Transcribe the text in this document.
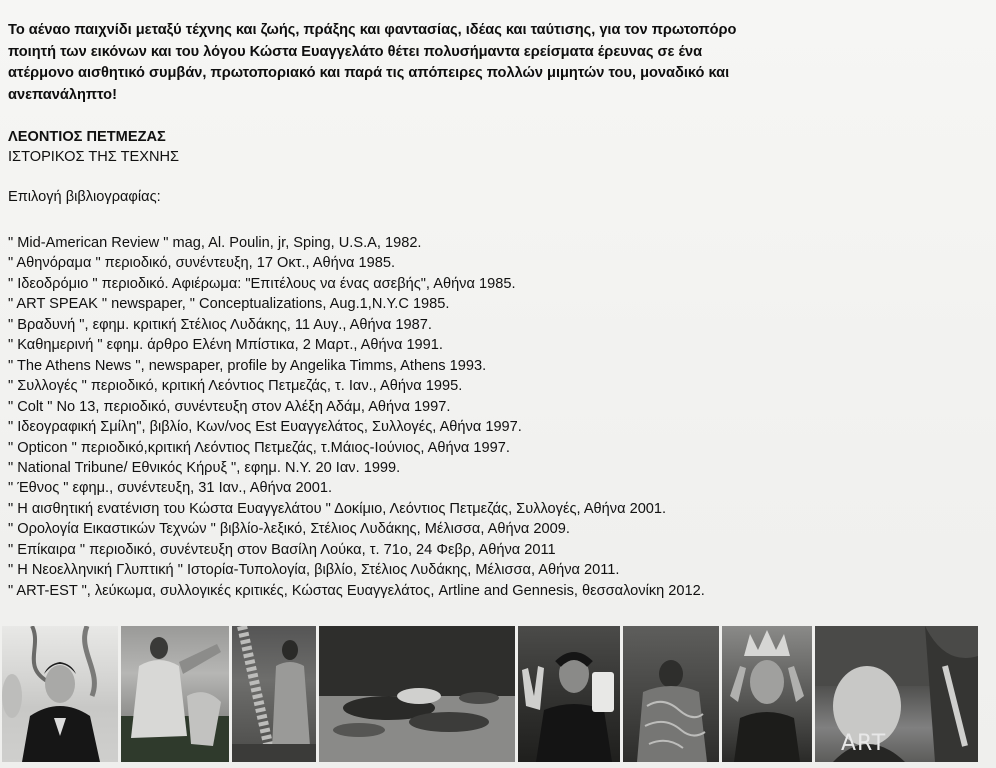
Το αέναο παιχνίδι μεταξύ τέχνης και ζωής, πράξης και φαντασίας, ιδέας και ταύτισης, για τον πρωτοπόρο
ποιητή των εικόνων και του λόγου Κώστα Ευαγγελάτο θέτει πολυσήμαντα ερείσματα έρευνας σε ένα
ατέρμονο αισθητικό συμβάν, πρωτοποριακό και παρά τις απόπειρες πολλών μιμητών του, μοναδικό και
ανεπανάληπτο!
ΛΕΟΝΤΙΟΣ ΠΕΤΜΕΖΑΣ
ΙΣΤΟΡΙΚΟΣ ΤΗΣ ΤΕΧΝΗΣ
Επιλογή βιβλιογραφίας:
" Mid-American Review " mag, Al. Poulin, jr, Sping, U.S.A, 1982.
" Αθηνόραμα " περιοδικό, συνέντευξη, 17 Οκτ., Αθήνα 1985.
" Ιδεοδρόμιο " περιοδικό. Αφιέρωμα: "Επιτέλους να ένας ασεβής", Αθήνα 1985.
" ART SPEAK " newspaper, " Conceptualizations, Aug.1,N.Y.C 1985.
" Βραδυνή ", εφημ. κριτική Στέλιος Λυδάκης, 11 Αυγ., Αθήνα 1987.
" Καθημερινή " εφημ. άρθρο Ελένη Μπίστικα, 2 Μαρτ., Αθήνα 1991.
" The Athens News ", newspaper, profile by Angelika Timms, Athens 1993.
" Συλλογές " περιοδικό, κριτική Λεόντιος Πετμεζάς, τ. Ιαν., Αθήνα 1995.
" Colt " Νο 13, περιοδικό, συνέντευξη στον Αλέξη Αδάμ, Αθήνα 1997.
" Ιδεογραφική Σμίλη", βιβλίο, Κων/νος Est Ευαγγελάτος, Συλλογές, Αθήνα 1997.
" Opticon " περιοδικό,κριτική Λεόντιος Πετμεζάς, τ.Μάιος-Ιούνιος, Αθήνα 1997.
" National Tribune/ Εθνικός Κήρυξ ", εφημ. Ν.Υ. 20 Ιαν. 1999.
" Έθνος " εφημ., συνέντευξη, 31 Ιαν., Αθήνα 2001.
" Η αισθητική ενατένιση του Κώστα Ευαγγελάτου " Δοκίμιο, Λεόντιος Πετμεζάς, Συλλογές, Αθήνα 2001.
" Ορολογία Εικαστικών Τεχνών " βιβλίο-λεξικό, Στέλιος Λυδάκης, Μέλισσα, Αθήνα 2009.
" Επίκαιρα " περιοδικό, συνέντευξη στον Βασίλη Λούκα, τ. 71ο, 24 Φεβρ, Αθήνα 2011
" Η Νεοελληνική Γλυπτική " Ιστορία-Τυπολογία, βιβλίο, Στέλιος Λυδάκης, Μέλισσα, Αθήνα 2011.
" ART-EST ", λεύκωμα, συλλογικές κριτικές, Κώστας Ευαγγελάτος, Artline and Gennesis, θεσσαλονίκη 2012.
ART
